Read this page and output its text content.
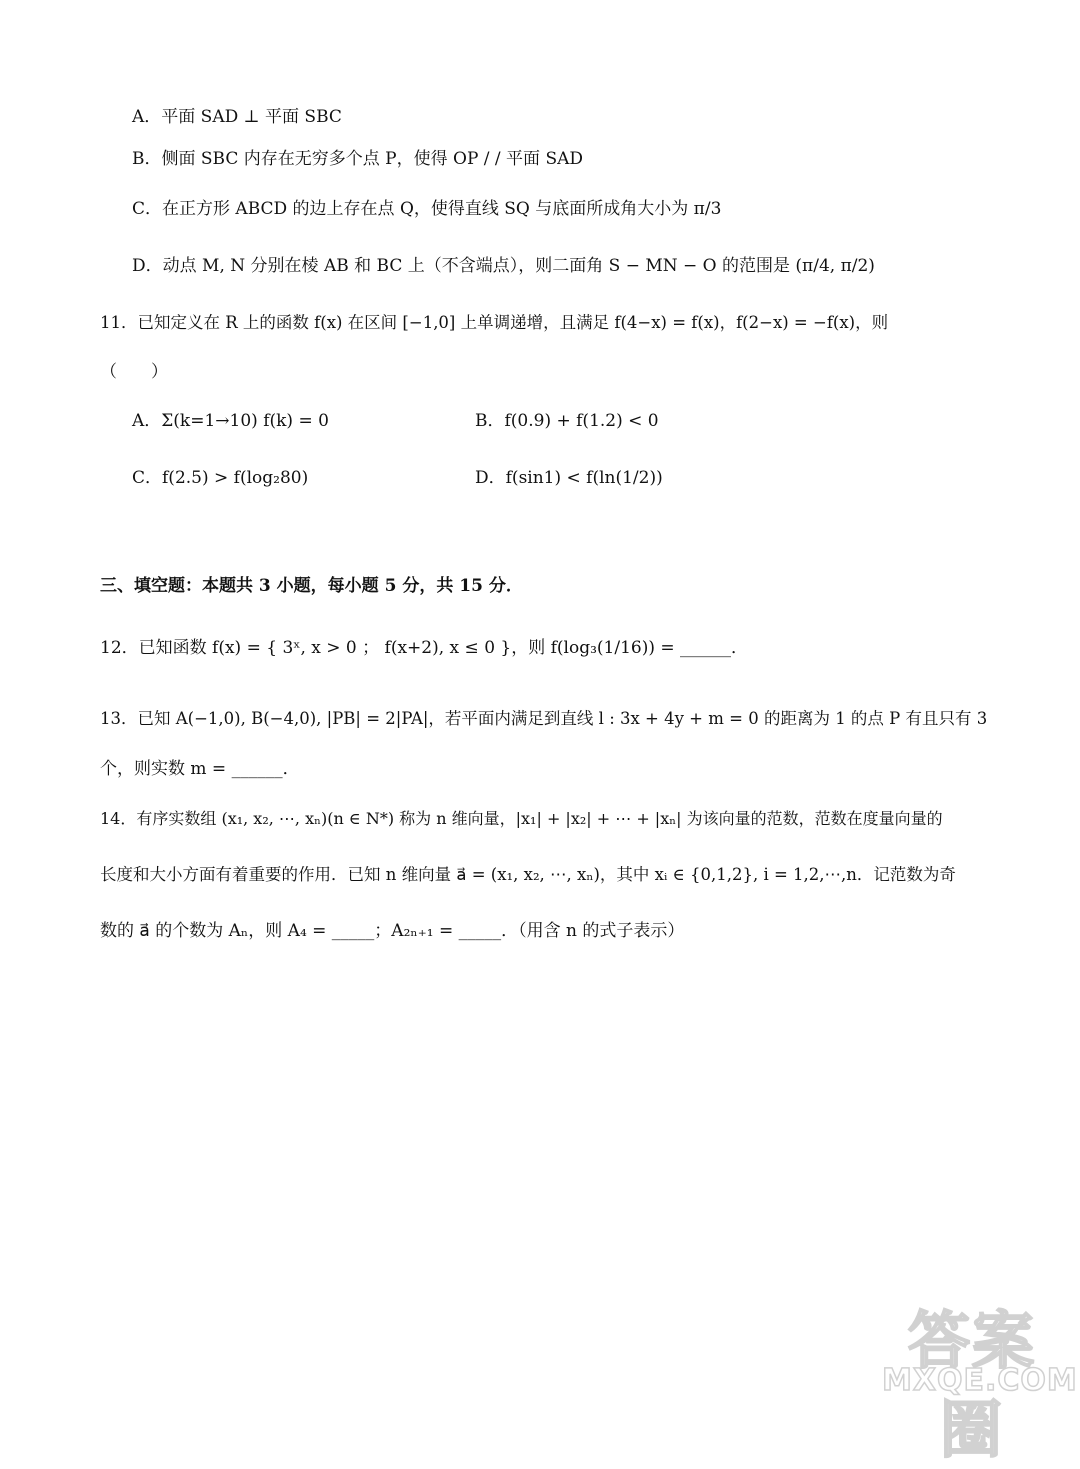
A．平面 SAD ⊥ 平面 SBC
B．侧面 SBC 内存在无穷多个点 P，使得 OP / / 平面 SAD
C．在正方形 ABCD 的边上存在点 Q，使得直线 SQ 与底面所成角大小为 π/3
D．动点 M, N 分别在棱 AB 和 BC 上（不含端点），则二面角 S − MN − O 的范围是 (π/4, π/2)
11．已知定义在 R 上的函数 f(x) 在区间 [−1,0] 上单调递增，且满足 f(4−x) = f(x)，f(2−x) = −f(x)，则
（　　）
A．Σ(k=1→10) f(k) = 0	B．f(0.9) + f(1.2) < 0
C．f(2.5) > f(log₂80)	D．f(sin1) < f(ln(1/2))
三、填空题：本题共 3 小题，每小题 5 分，共 15 分．
12．已知函数 f(x) = { 3ˣ, x > 0 ； f(x+2), x ≤ 0 }，则 f(log₃(1/16)) = ______．
13．已知 A(−1,0), B(−4,0), |PB| = 2|PA|，若平面内满足到直线 l : 3x + 4y + m = 0 的距离为 1 的点 P 有且只有 3
个，则实数 m = ______．
14．有序实数组 (x₁, x₂, ⋯, xₙ)(n ∈ N*) 称为 n 维向量，|x₁| + |x₂| + ⋯ + |xₙ| 为该向量的范数，范数在度量向量的
长度和大小方面有着重要的作用．已知 n 维向量 a⃗ = (x₁, x₂, ⋯, xₙ)，其中 xᵢ ∈ {0,1,2}, i = 1,2,⋯,n．记范数为奇
数的 a⃗ 的个数为 Aₙ，则 A₄ = _____；A₂ₙ₊₁ = _____．（用含 n 的式子表示）
答案圈
MXQE.COM
